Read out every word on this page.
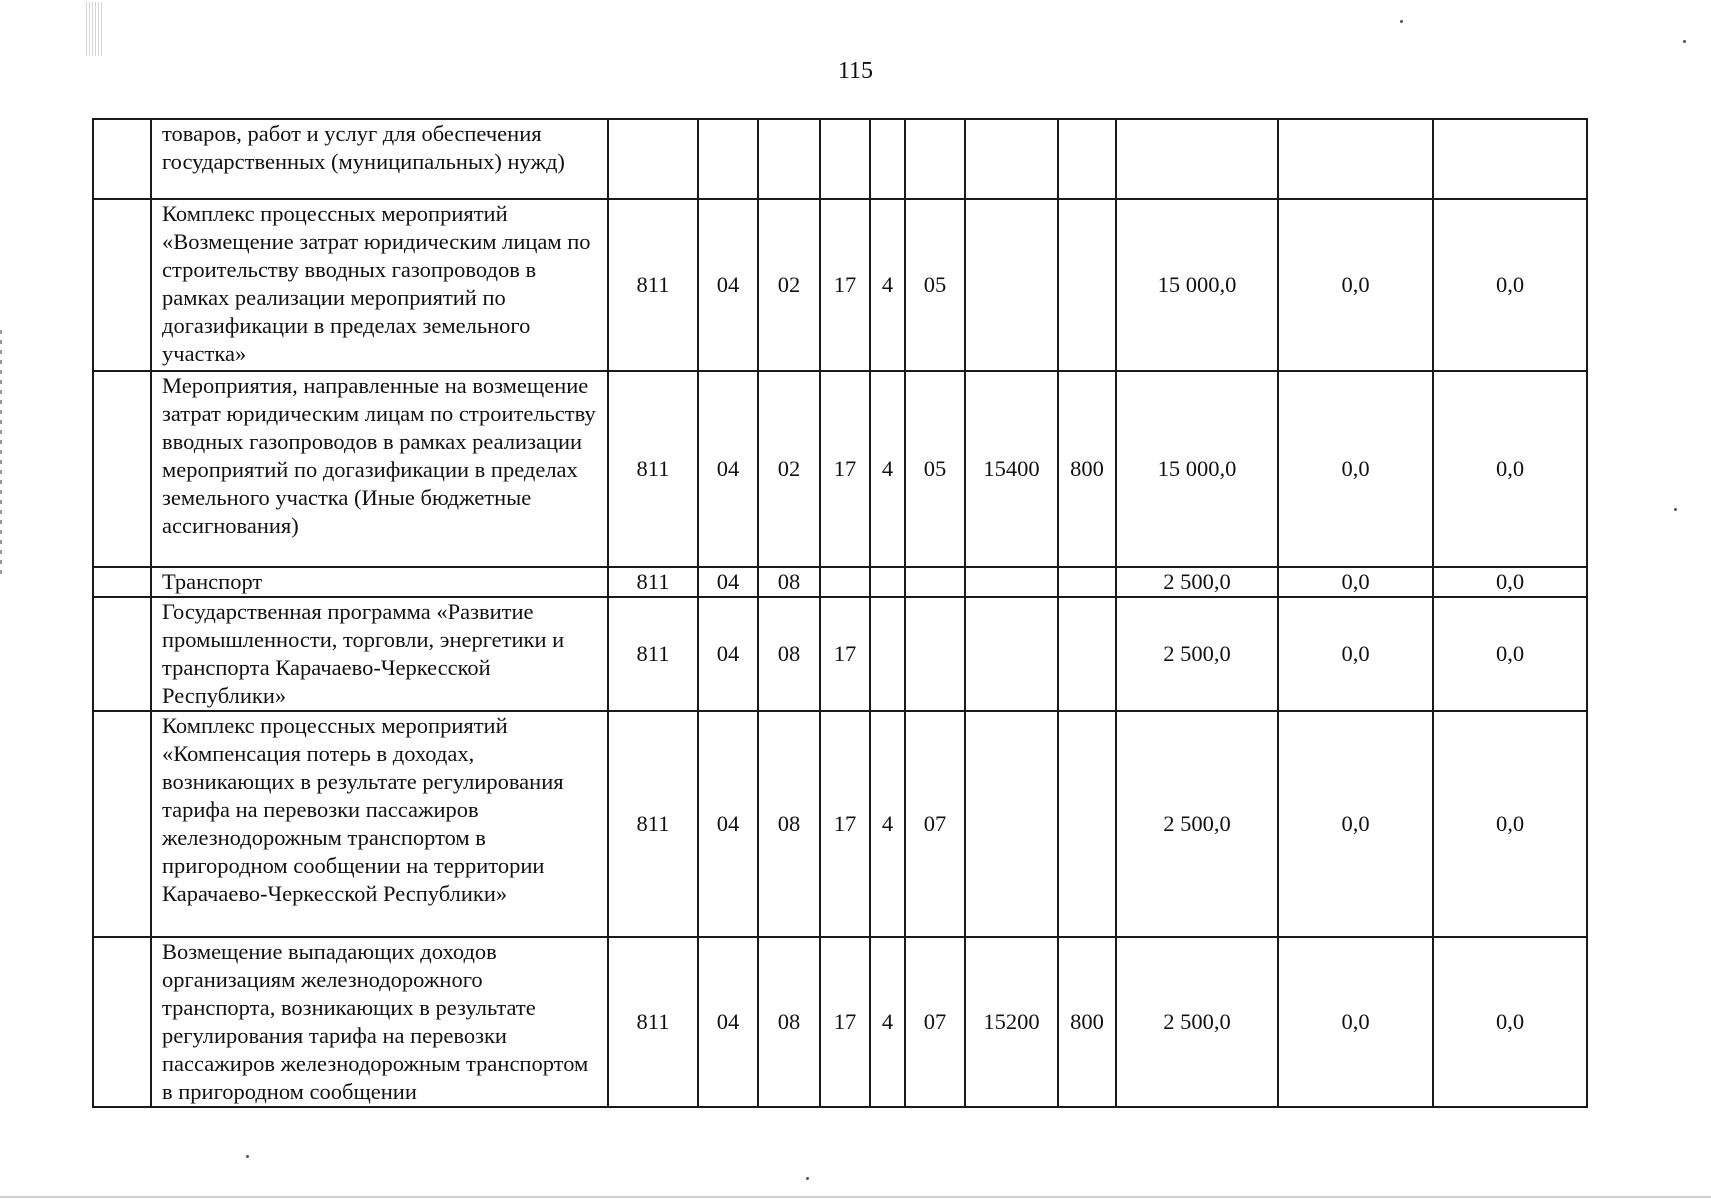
115
	товаров, работ и услуг для обеспечения государственных (муниципальных) нужд)											
	Комплекс процессных мероприятий «Возмещение затрат юридическим лицам по строительству вводных газопроводов в рамках реализации мероприятий по догазификации в пределах земельного участка»	811	04	02	17	4	05			15 000,0	0,0	0,0
	Мероприятия, направленные на возмещение затрат юридическим лицам по строительству вводных газопроводов в рамках реализации мероприятий по догазификации в пределах земельного участка (Иные бюджетные ассигнования)	811	04	02	17	4	05	15400	800	15 000,0	0,0	0,0
	Транспорт	811	04	08						2 500,0	0,0	0,0
	Государственная программа «Развитие промышленности, торговли, энергетики и транспорта Карачаево-Черкесской Республики»	811	04	08	17					2 500,0	0,0	0,0
	Комплекс процессных мероприятий «Компенсация потерь в доходах, возникающих в результате регулирования тарифа на перевозки пассажиров железнодорожным транспортом в пригородном сообщении на территории Карачаево-Черкесской Республики»	811	04	08	17	4	07			2 500,0	0,0	0,0
	Возмещение выпадающих доходов организациям железнодорожного транспорта, возникающих в результате регулирования тарифа на перевозки пассажиров железнодорожным транспортом в пригородном сообщении	811	04	08	17	4	07	15200	800	2 500,0	0,0	0,0
